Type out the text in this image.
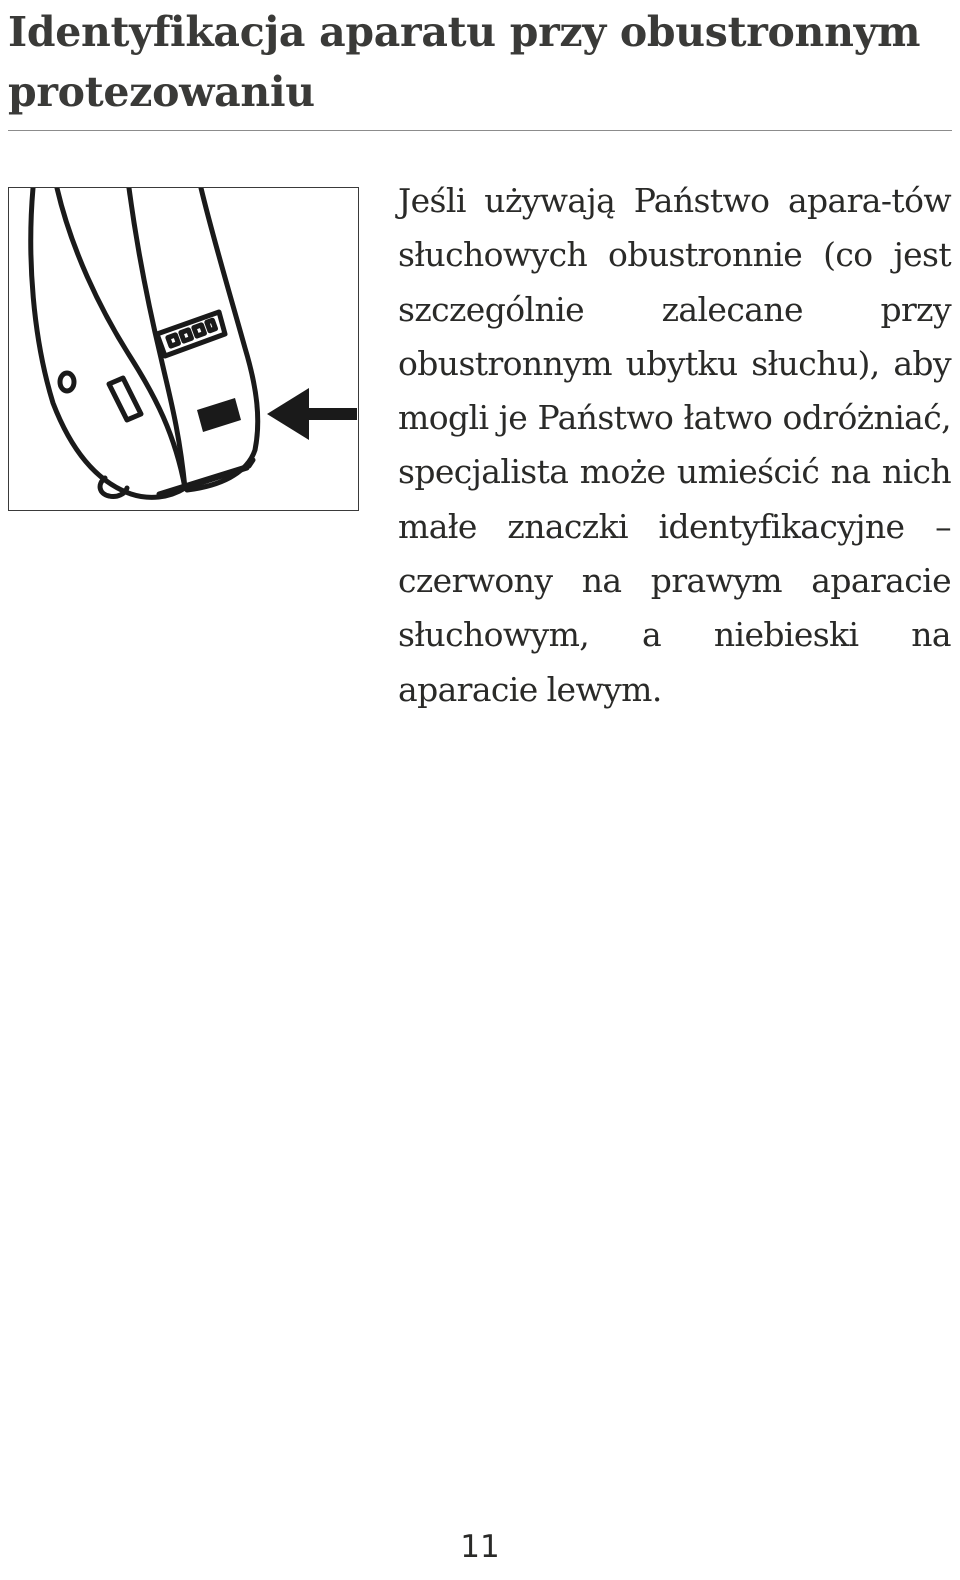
Identyfikacja aparatu przy obustronnym protezowaniu

Jeśli używają Państwo apara-tów słuchowych obustronnie (co jest szczególnie zalecane przy obustronnym ubytku słuchu), aby mogli je Państwo łatwo odróżniać, specjalista może umieścić na nich małe znaczki identyfikacyjne – czerwony na prawym aparacie słuchowym, a niebieski na aparacie lewym.

11
